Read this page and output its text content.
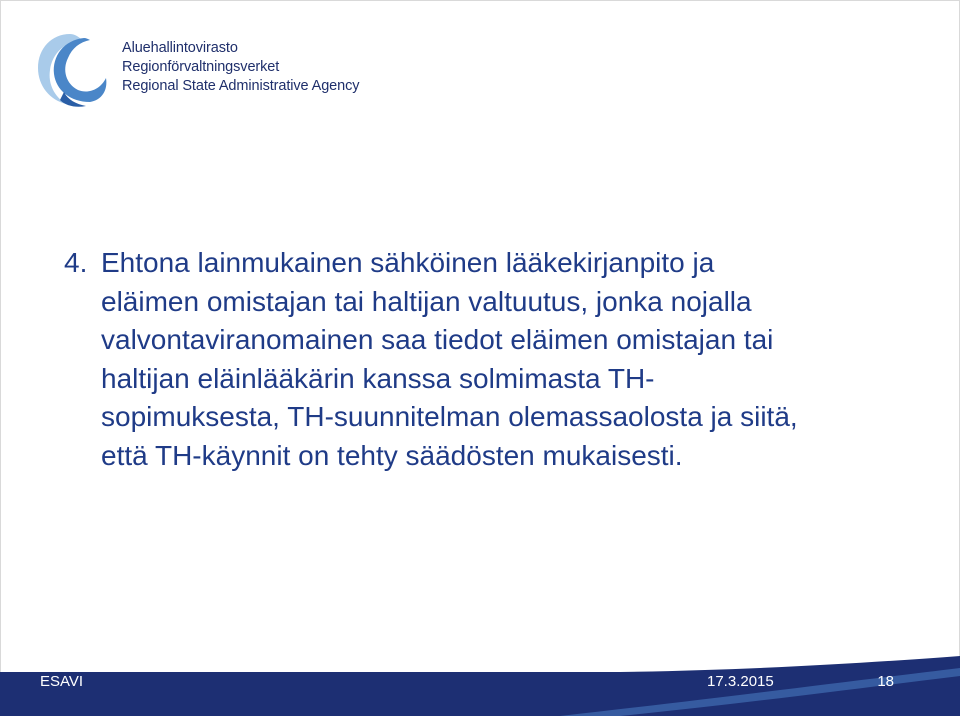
Aluehallintovirasto
Regionförvaltningsverket
Regional State Administrative Agency
4. Ehtona lainmukainen sähköinen lääkekirjanpito ja
eläimen omistajan tai haltijan valtuutus, jonka nojalla
valvontaviranomainen saa tiedot eläimen omistajan tai
haltijan eläinlääkärin kanssa solmimasta TH-
sopimuksesta, TH-suunnitelman olemassaolosta ja siitä,
että TH-käynnit on tehty säädösten mukaisesti.
ESAVI	17.3.2015	18
